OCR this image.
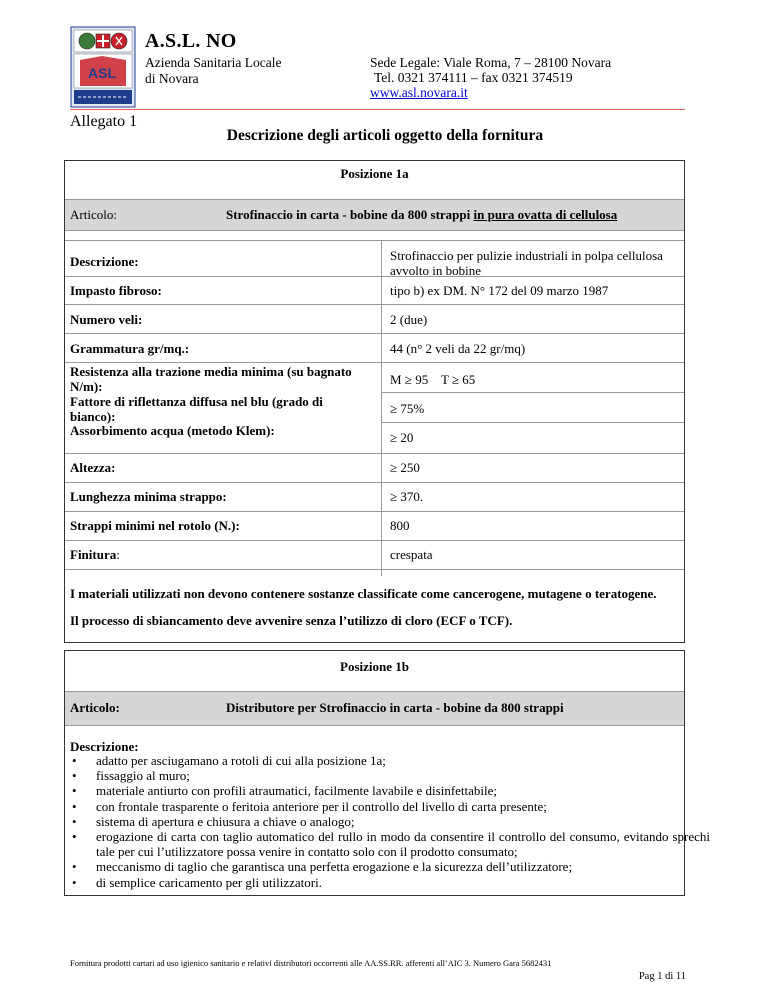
ASL
A.S.L. NO
Azienda Sanitaria Locale
di Novara
Sede Legale: Viale Roma, 7 – 28100 Novara
Tel. 0321 374111 – fax 0321 374519
www.asl.novara.it
Allegato 1
Descrizione degli articoli oggetto della fornitura
Posizione 1a
Articolo:	Strofinaccio in carta - bobine da 800 strappi in pura ovatta di cellulosa
Descrizione:	Strofinaccio per pulizie industriali in polpa cellulosa avvolto in bobine
Impasto fibroso:	tipo b) ex DM. N° 172 del 09 marzo 1987
Numero veli:	2 (due)
Grammatura gr/mq.:	44 (n° 2 veli da 22 gr/mq)
Resistenza alla trazione media minima (su bagnato N/m):	M ≥ 95    T ≥ 65
Fattore di riflettanza diffusa nel blu (grado di bianco):
≥ 75%
Assorbimento acqua (metodo Klem):	≥ 20
Altezza:	≥ 250
Lunghezza minima strappo:	≥ 370.
Strappi minimi nel rotolo (N.):	800
Finitura:	crespata
I materiali utilizzati non devono contenere sostanze classificate come cancerogene, mutagene o teratogene.
Il processo di sbiancamento deve avvenire senza l’utilizzo di cloro (ECF o TCF).
Posizione 1b
Articolo:	Distributore per Strofinaccio in carta - bobine da 800 strappi
Descrizione:
• adatto per asciugamano a rotoli di cui alla posizione 1a;
• fissaggio al muro;
• materiale antiurto con profili atraumatici, facilmente lavabile e disinfettabile;
• con frontale trasparente o feritoia anteriore per il controllo del livello di carta presente;
• sistema di apertura e chiusura a chiave o analogo;
• erogazione di carta con taglio automatico del rullo in modo da consentire il controllo del consumo, evitando sprechi tale per cui l’utilizzatore possa venire in contatto solo con il prodotto consumato;
• meccanismo di taglio che garantisca una perfetta erogazione e la sicurezza dell’utilizzatore;
• di semplice caricamento per gli utilizzatori.
Fornitura prodotti cartari ad uso igienico sanitario e relativi distributori occorrenti alle AA.SS.RR. afferenti all’AIC 3. Numero Gara 5682431
Pag 1 di 11
